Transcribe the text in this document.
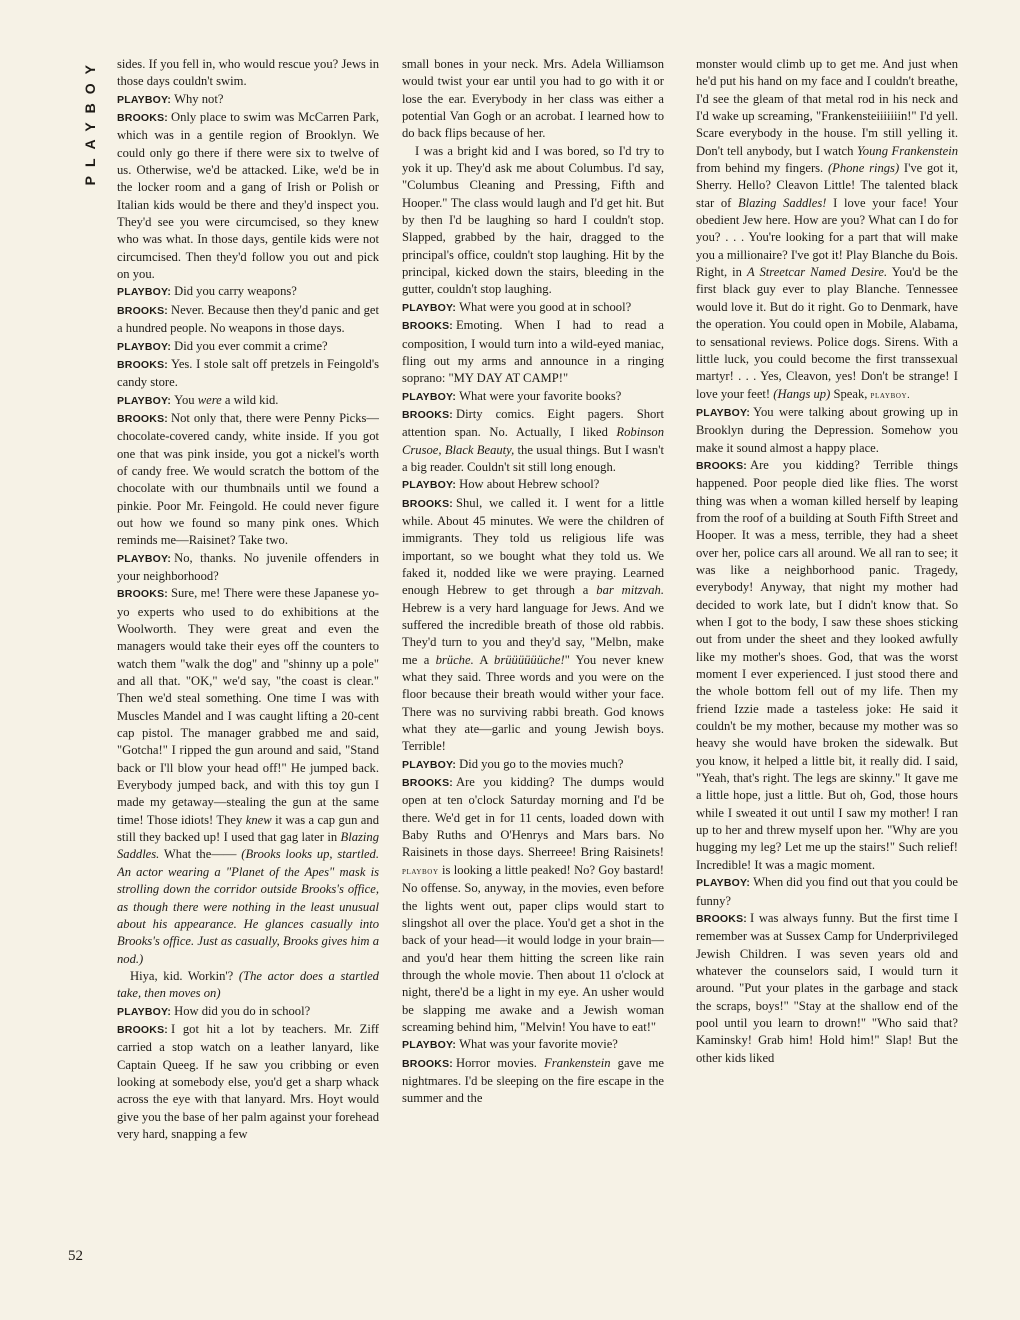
PLAYBOY
52

sides. If you fell in, who would rescue you? Jews in those days couldn't swim.

PLAYBOY: Why not?

BROOKS: Only place to swim was McCarren Park, which was in a gentile region of Brooklyn. We could only go there if there were six to twelve of us. Otherwise, we'd be attacked. Like, we'd be in the locker room and a gang of Irish or Polish or Italian kids would be there and they'd inspect you. They'd see you were circumcised, so they knew who was what. In those days, gentile kids were not circumcised. Then they'd follow you out and pick on you.

PLAYBOY: Did you carry weapons?

BROOKS: Never. Because then they'd panic and get a hundred people. No weapons in those days.

PLAYBOY: Did you ever commit a crime?

BROOKS: Yes. I stole salt off pretzels in Feingold's candy store.

PLAYBOY: You were a wild kid.

BROOKS: Not only that, there were Penny Picks—chocolate-covered candy, white inside. If you got one that was pink inside, you got a nickel's worth of candy free. We would scratch the bottom of the chocolate with our thumbnails until we found a pinkie. Poor Mr. Feingold. He could never figure out how we found so many pink ones. Which reminds me—Raisinet? Take two.

PLAYBOY: No, thanks. No juvenile offenders in your neighborhood?

BROOKS: Sure, me! There were these Japanese yo-yo experts who used to do exhibitions at the Woolworth. They were great and even the managers would take their eyes off the counters to watch them "walk the dog" and "shinny up a pole" and all that. "OK," we'd say, "the coast is clear." Then we'd steal something. One time I was with Muscles Mandel and I was caught lifting a 20-cent cap pistol. The manager grabbed me and said, "Gotcha!" I ripped the gun around and said, "Stand back or I'll blow your head off!" He jumped back. Everybody jumped back, and with this toy gun I made my getaway—stealing the gun at the same time! Those idiots! They knew it was a cap gun and still they backed up! I used that gag later in Blazing Saddles. What the—— (Brooks looks up, startled. An actor wearing a "Planet of the Apes" mask is strolling down the corridor outside Brooks's office, as though there were nothing in the least unusual about his appearance. He glances casually into Brooks's office. Just as casually, Brooks gives him a nod.)

Hiya, kid. Workin'? (The actor does a startled take, then moves on)

PLAYBOY: How did you do in school?

BROOKS: I got hit a lot by teachers. Mr. Ziff carried a stop watch on a leather lanyard, like Captain Queeg. If he saw you cribbing or even looking at somebody else, you'd get a sharp whack across the eye with that lanyard. Mrs. Hoyt would give you the base of her palm against your forehead very hard, snapping a few

small bones in your neck. Mrs. Adela Williamson would twist your ear until you had to go with it or lose the ear. Everybody in her class was either a potential Van Gogh or an acrobat. I learned how to do back flips because of her.

I was a bright kid and I was bored, so I'd try to yok it up. They'd ask me about Columbus. I'd say, "Columbus Cleaning and Pressing, Fifth and Hooper." The class would laugh and I'd get hit. But by then I'd be laughing so hard I couldn't stop. Slapped, grabbed by the hair, dragged to the principal's office, couldn't stop laughing. Hit by the principal, kicked down the stairs, bleeding in the gutter, couldn't stop laughing.

PLAYBOY: What were you good at in school?

BROOKS: Emoting. When I had to read a composition, I would turn into a wild-eyed maniac, fling out my arms and announce in a ringing soprano: "MY DAY AT CAMP!"

PLAYBOY: What were your favorite books?

BROOKS: Dirty comics. Eight pagers. Short attention span. No. Actually, I liked Robinson Crusoe, Black Beauty, the usual things. But I wasn't a big reader. Couldn't sit still long enough.

PLAYBOY: How about Hebrew school?

BROOKS: Shul, we called it. I went for a little while. About 45 minutes. We were the children of immigrants. They told us religious life was important, so we bought what they told us. We faked it, nodded like we were praying. Learned enough Hebrew to get through a bar mitzvah. Hebrew is a very hard language for Jews. And we suffered the incredible breath of those old rabbis. They'd turn to you and they'd say, "Melbn, make me a brüche. A brüüüüüüche!" You never knew what they said. Three words and you were on the floor because their breath would wither your face. There was no surviving rabbi breath. God knows what they ate—garlic and young Jewish boys. Terrible!

PLAYBOY: Did you go to the movies much?

BROOKS: Are you kidding? The dumps would open at ten o'clock Saturday morning and I'd be there. We'd get in for 11 cents, loaded down with Baby Ruths and O'Henrys and Mars bars. No Raisinets in those days. Sherreee! Bring Raisinets! playboy is looking a little peaked! No? Goy bastard! No offense. So, anyway, in the movies, even before the lights went out, paper clips would start to slingshot all over the place. You'd get a shot in the back of your head—it would lodge in your brain—and you'd hear them hitting the screen like rain through the whole movie. Then about 11 o'clock at night, there'd be a light in my eye. An usher would be slapping me awake and a Jewish woman screaming behind him, "Melvin! You have to eat!"

PLAYBOY: What was your favorite movie?

BROOKS: Horror movies. Frankenstein gave me nightmares. I'd be sleeping on the fire escape in the summer and the

monster would climb up to get me. And just when he'd put his hand on my face and I couldn't breathe, I'd see the gleam of that metal rod in his neck and I'd wake up screaming, "Frankensteiiiiiiin!" I'd yell. Scare everybody in the house. I'm still yelling it. Don't tell anybody, but I watch Young Frankenstein from behind my fingers. (Phone rings) I've got it, Sherry. Hello? Cleavon Little! The talented black star of Blazing Saddles! I love your face! Your obedient Jew here. How are you? What can I do for you? . . . You're looking for a part that will make you a millionaire? I've got it! Play Blanche du Bois. Right, in A Streetcar Named Desire. You'd be the first black guy ever to play Blanche. Tennessee would love it. But do it right. Go to Denmark, have the operation. You could open in Mobile, Alabama, to sensational reviews. Police dogs. Sirens. With a little luck, you could become the first transsexual martyr! . . . Yes, Cleavon, yes! Don't be strange! I love your feet! (Hangs up) Speak, playboy.

PLAYBOY: You were talking about growing up in Brooklyn during the Depression. Somehow you make it sound almost a happy place.

BROOKS: Are you kidding? Terrible things happened. Poor people died like flies. The worst thing was when a woman killed herself by leaping from the roof of a building at South Fifth Street and Hooper. It was a mess, terrible, they had a sheet over her, police cars all around. We all ran to see; it was like a neighborhood panic. Tragedy, everybody! Anyway, that night my mother had decided to work late, but I didn't know that. So when I got to the body, I saw these shoes sticking out from under the sheet and they looked awfully like my mother's shoes. God, that was the worst moment I ever experienced. I just stood there and the whole bottom fell out of my life. Then my friend Izzie made a tasteless joke: He said it couldn't be my mother, because my mother was so heavy she would have broken the sidewalk. But you know, it helped a little bit, it really did. I said, "Yeah, that's right. The legs are skinny." It gave me a little hope, just a little. But oh, God, those hours while I sweated it out until I saw my mother! I ran up to her and threw myself upon her. "Why are you hugging my leg? Let me up the stairs!" Such relief! Incredible! It was a magic moment.

PLAYBOY: When did you find out that you could be funny?

BROOKS: I was always funny. But the first time I remember was at Sussex Camp for Underprivileged Jewish Children. I was seven years old and whatever the counselors said, I would turn it around. "Put your plates in the garbage and stack the scraps, boys!" "Stay at the shallow end of the pool until you learn to drown!" "Who said that? Kaminsky! Grab him! Hold him!" Slap! But the other kids liked
